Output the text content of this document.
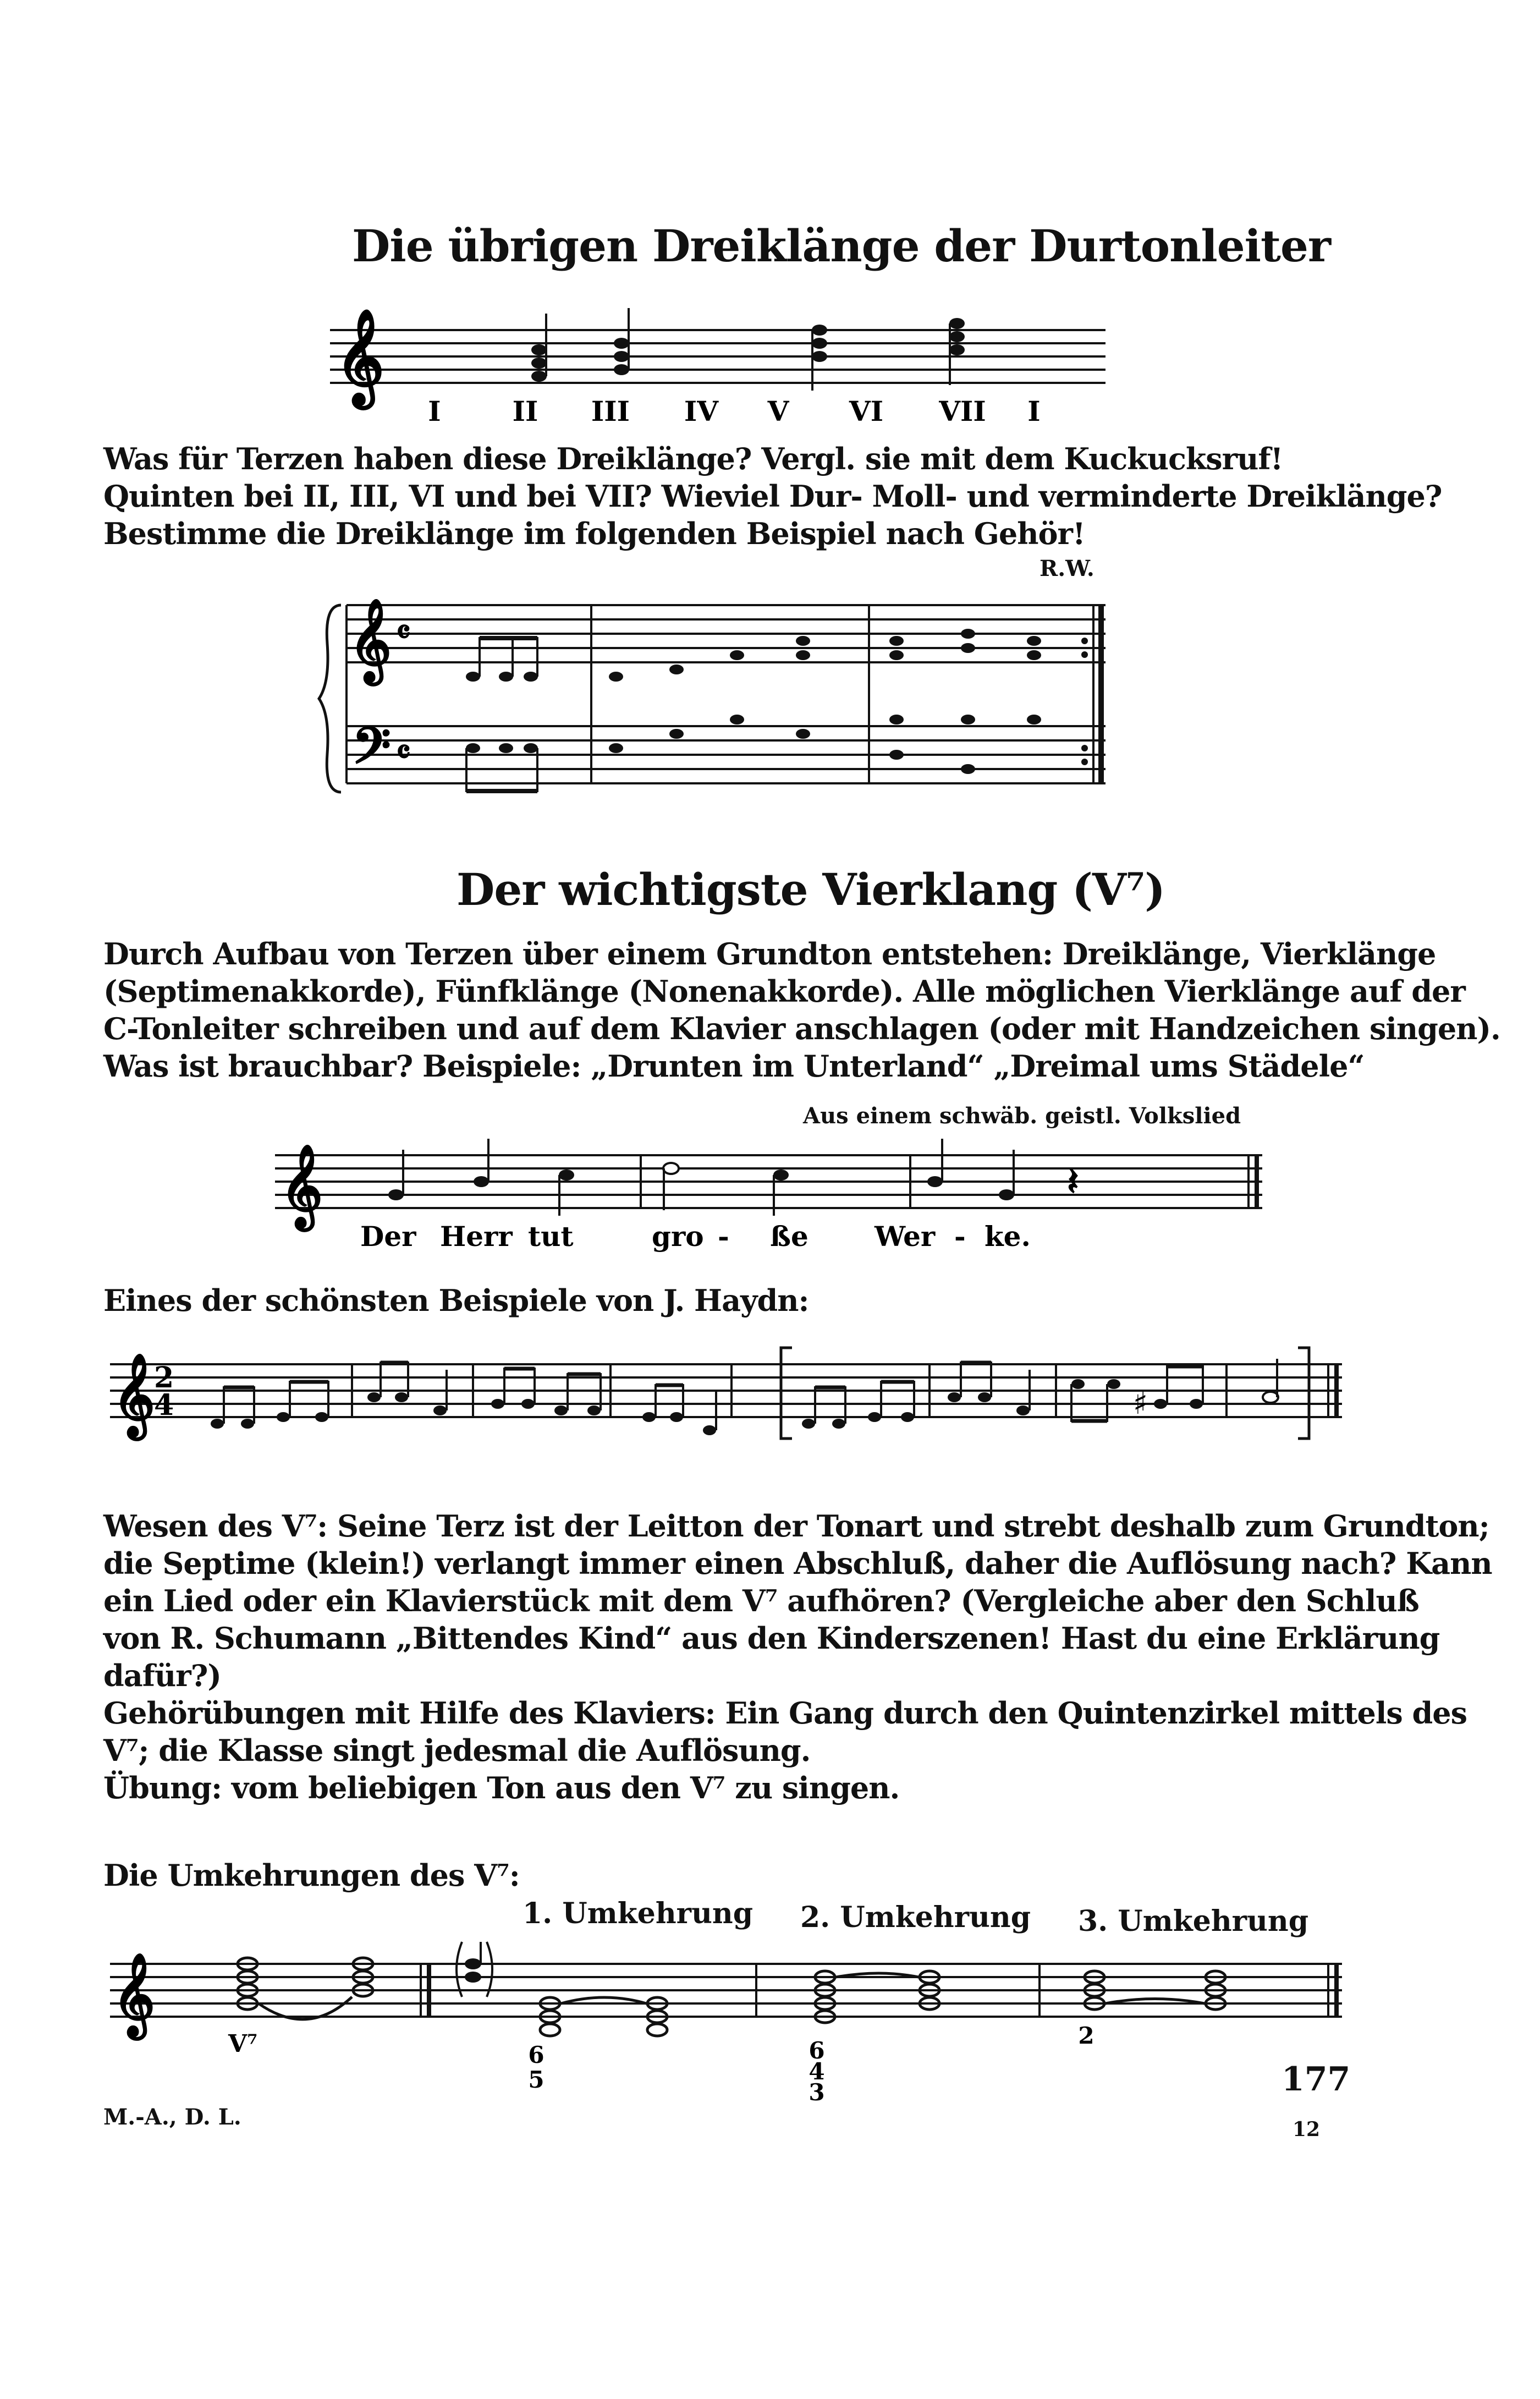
Die übrigen Dreiklänge der Durtonleiter
𝄞
I	II III IV V VI VII I
Was für Terzen haben diese Dreiklänge? Vergl. sie mit dem Kuckucksruf!
Quinten bei II, III, VI und bei VII? Wieviel Dur- Moll- und verminderte Dreiklänge?
Bestimme die Dreiklänge im folgenden Beispiel nach Gehör!
R.W.
𝄞
𝄢
𝄴
𝄴
Der wichtigste Vierklang (V⁷)
Durch Aufbau von Terzen über einem Grundton entstehen: Dreiklänge, Vierklänge
(Septimenakkorde), Fünfklänge (Nonenakkorde). Alle möglichen Vierklänge auf der
C-Tonleiter schreiben und auf dem Klavier anschlagen (oder mit Handzeichen singen).
Was ist brauchbar? Beispiele: „Drunten im Unterland“ „Dreimal ums Städele“
Aus einem schwäb. geistl. Volkslied
𝄞	𝄽
Der Herr tut	gro - ße Wer - ke.
Eines der schönsten Beispiele von J. Haydn:
𝄞
2
4	♯
Wesen des V⁷: Seine Terz ist der Leitton der Tonart und strebt deshalb zum Grundton;
die Septime (klein!) verlangt immer einen Abschluß, daher die Auflösung nach? Kann
ein Lied oder ein Klavierstück mit dem V⁷ aufhören? (Vergleiche aber den Schluß
von R. Schumann „Bittendes Kind“ aus den Kinderszenen! Hast du eine Erklärung
dafür?)
Gehörübungen mit Hilfe des Klaviers: Ein Gang durch den Quintenzirkel mittels des
V⁷; die Klasse singt jedesmal die Auflösung.
Übung: vom beliebigen Ton aus den V⁷ zu singen.
Die Umkehrungen des V⁷:
1. Umkehrung 2. Umkehrung 3. Umkehrung
𝄞
V⁷	6
5
6
4
3
2
177
M.-A., D. L.	12
